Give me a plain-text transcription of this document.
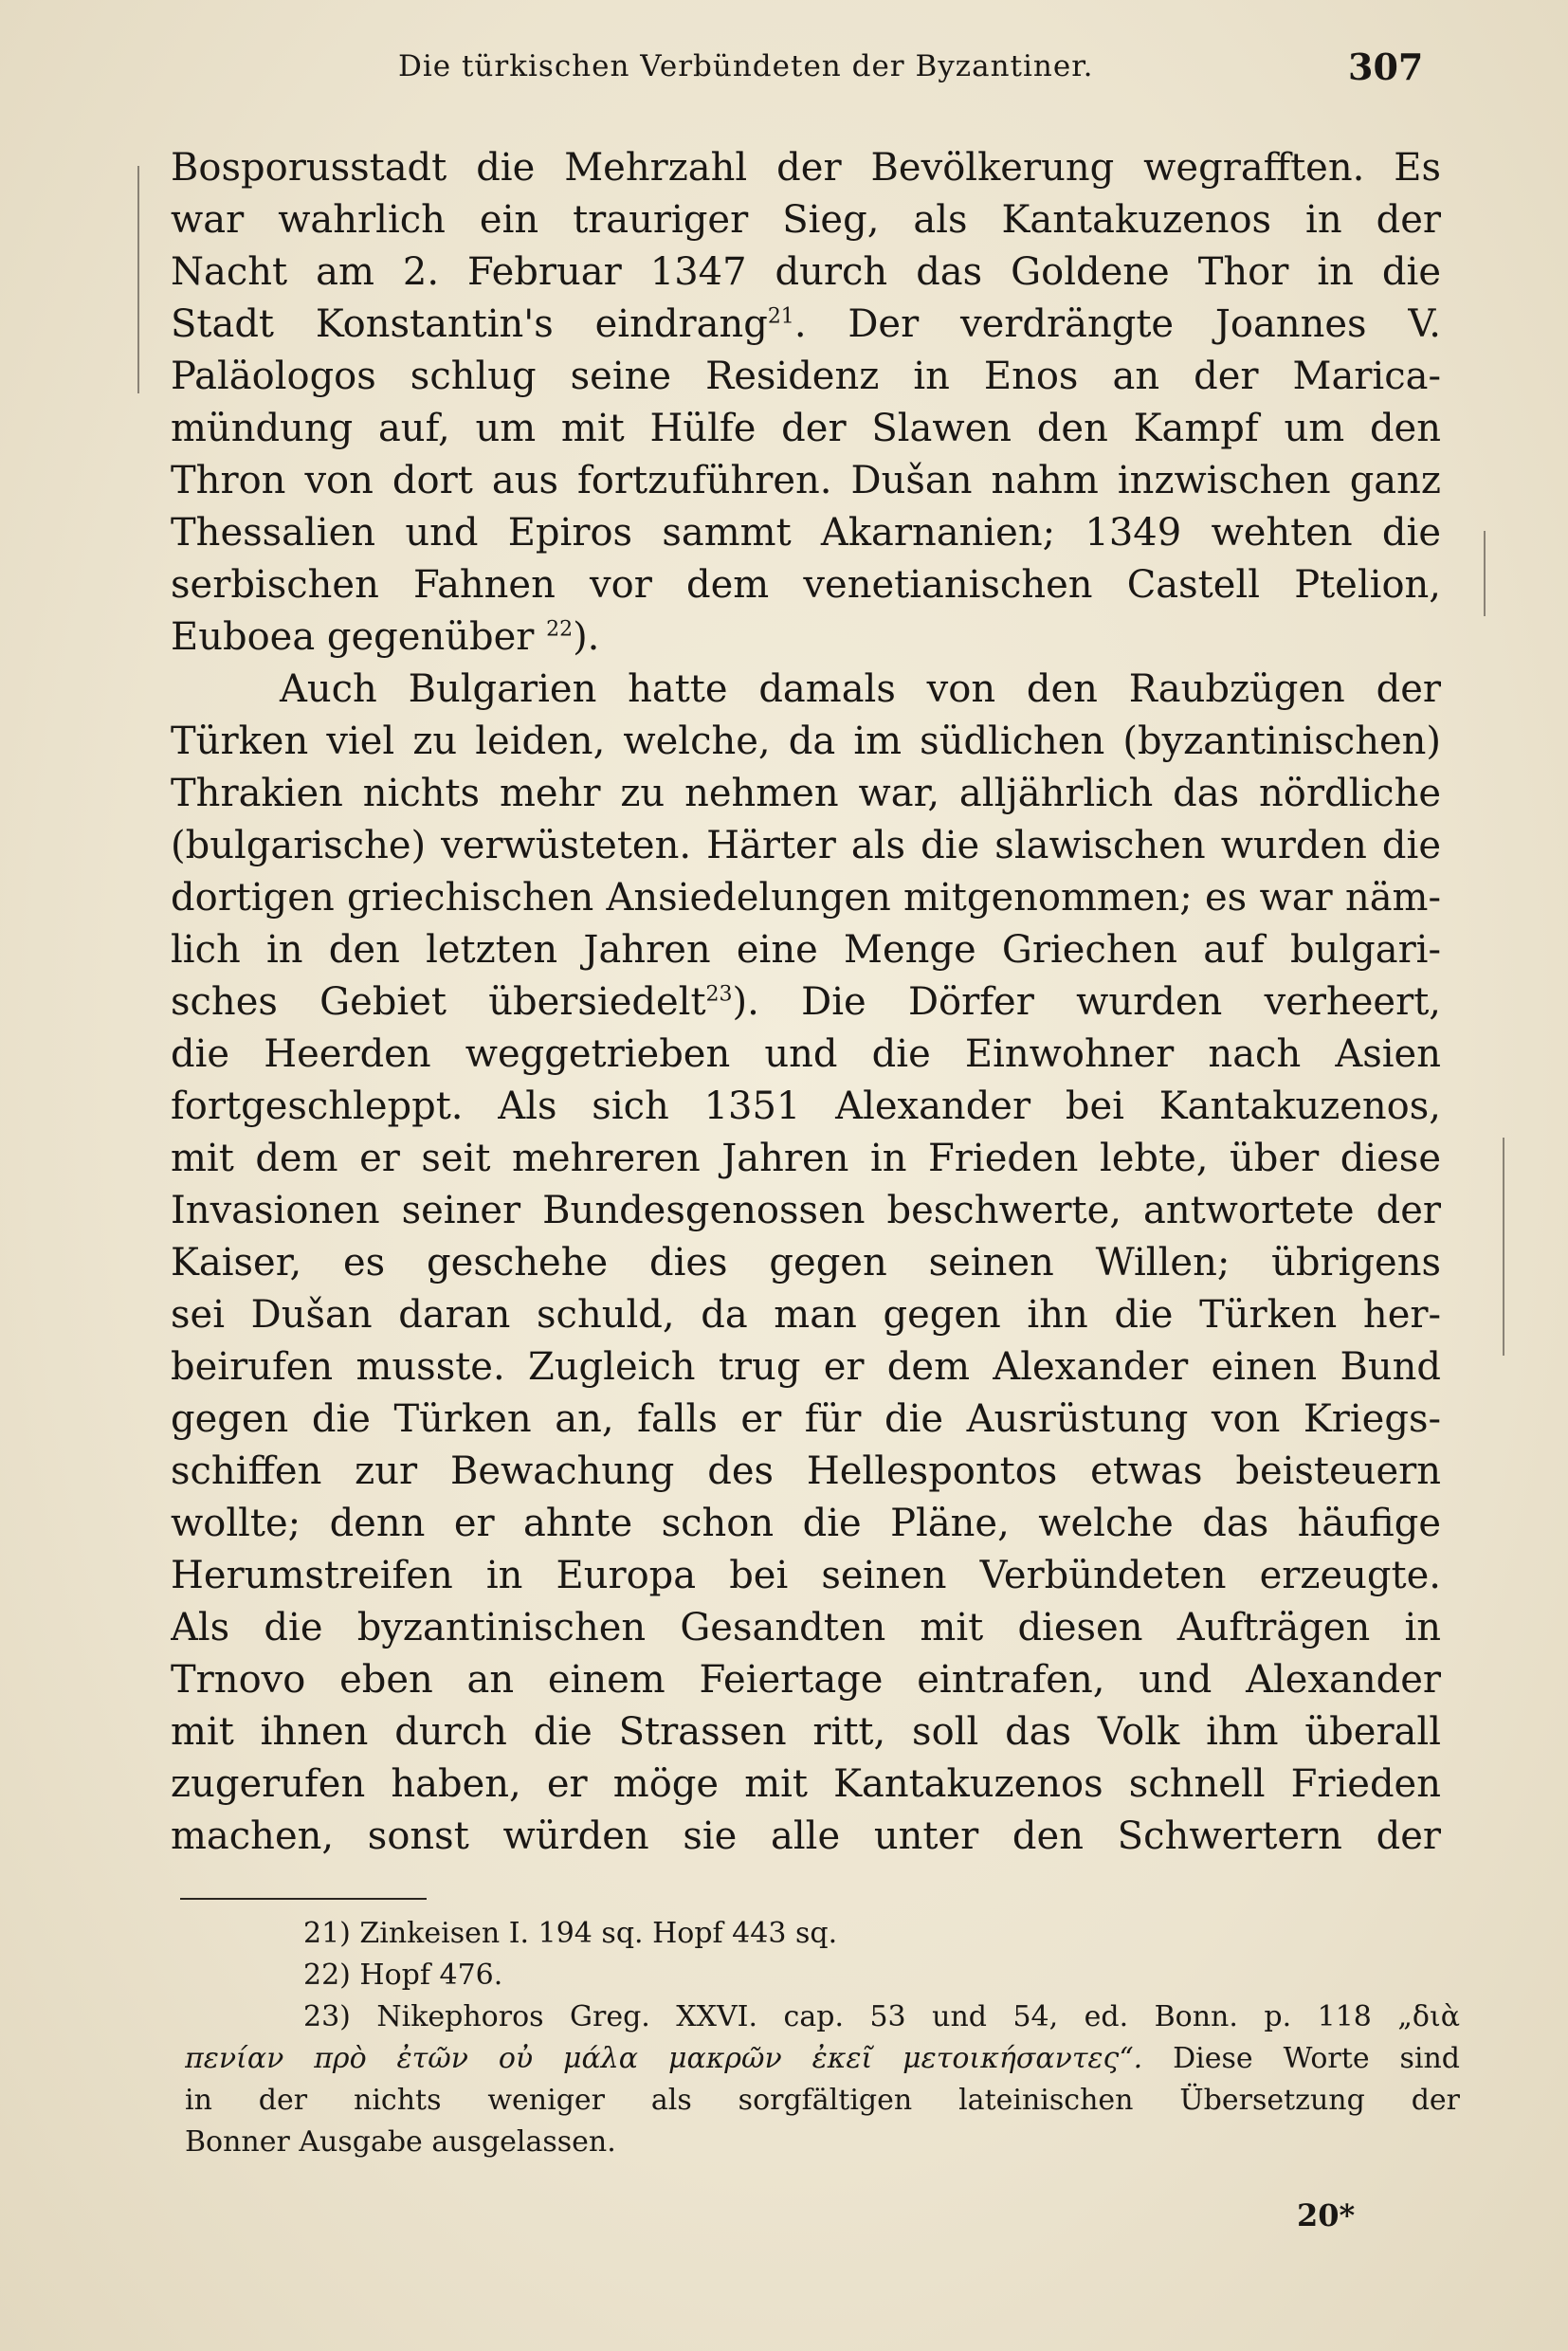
Die türkischen Verbündeten der Byzantiner.	307
Bosporusstadt die Mehrzahl der Bevölkerung wegrafften. Es
war wahrlich ein trauriger Sieg, als Kantakuzenos in der
Nacht am 2. Februar 1347 durch das Goldene Thor in die
Stadt Konstantin's eindrang$^{21}$. Der verdrängte Joannes V.
Paläologos schlug seine Residenz in Enos an der Marica-
mündung auf, um mit Hülfe der Slawen den Kampf um den
Thron von dort aus fortzuführen. Dušan nahm inzwischen ganz
Thessalien und Epiros sammt Akarnanien; 1349 wehten die
serbischen Fahnen vor dem venetianischen Castell Ptelion,
Euboea gegenüber $^{22}$).
Auch Bulgarien hatte damals von den Raubzügen der
Türken viel zu leiden, welche, da im südlichen (byzantinischen)
Thrakien nichts mehr zu nehmen war, alljährlich das nördliche
(bulgarische) verwüsteten. Härter als die slawischen wurden die
dortigen griechischen Ansiedelungen mitgenommen; es war näm-
lich in den letzten Jahren eine Menge Griechen auf bulgari-
sches Gebiet übersiedelt$^{23}$). Die Dörfer wurden verheert,
die Heerden weggetrieben und die Einwohner nach Asien
fortgeschleppt. Als sich 1351 Alexander bei Kantakuzenos,
mit dem er seit mehreren Jahren in Frieden lebte, über diese
Invasionen seiner Bundesgenossen beschwerte, antwortete der
Kaiser, es geschehe dies gegen seinen Willen; übrigens
sei Dušan daran schuld, da man gegen ihn die Türken her-
beirufen musste. Zugleich trug er dem Alexander einen Bund
gegen die Türken an, falls er für die Ausrüstung von Kriegs-
schiffen zur Bewachung des Hellespontos etwas beisteuern
wollte; denn er ahnte schon die Pläne, welche das häufige
Herumstreifen in Europa bei seinen Verbündeten erzeugte.
Als die byzantinischen Gesandten mit diesen Aufträgen in
Trnovo eben an einem Feiertage eintrafen, und Alexander
mit ihnen durch die Strassen ritt, soll das Volk ihm überall
zugerufen haben, er möge mit Kantakuzenos schnell Frieden
machen, sonst würden sie alle unter den Schwertern der
21) Zinkeisen I. 194 sq. Hopf 443 sq.
22) Hopf 476.
23) Nikephoros Greg. XXVI. cap. 53 und 54, ed. Bonn. p. 118 „διὰ
πενίαν πρὸ ἐτῶν οὐ μάλα μακρῶν ἐκεῖ μετοικήσαντες“. Diese Worte sind
in der nichts weniger als sorgfältigen lateinischen Übersetzung der
Bonner Ausgabe ausgelassen.
20*
